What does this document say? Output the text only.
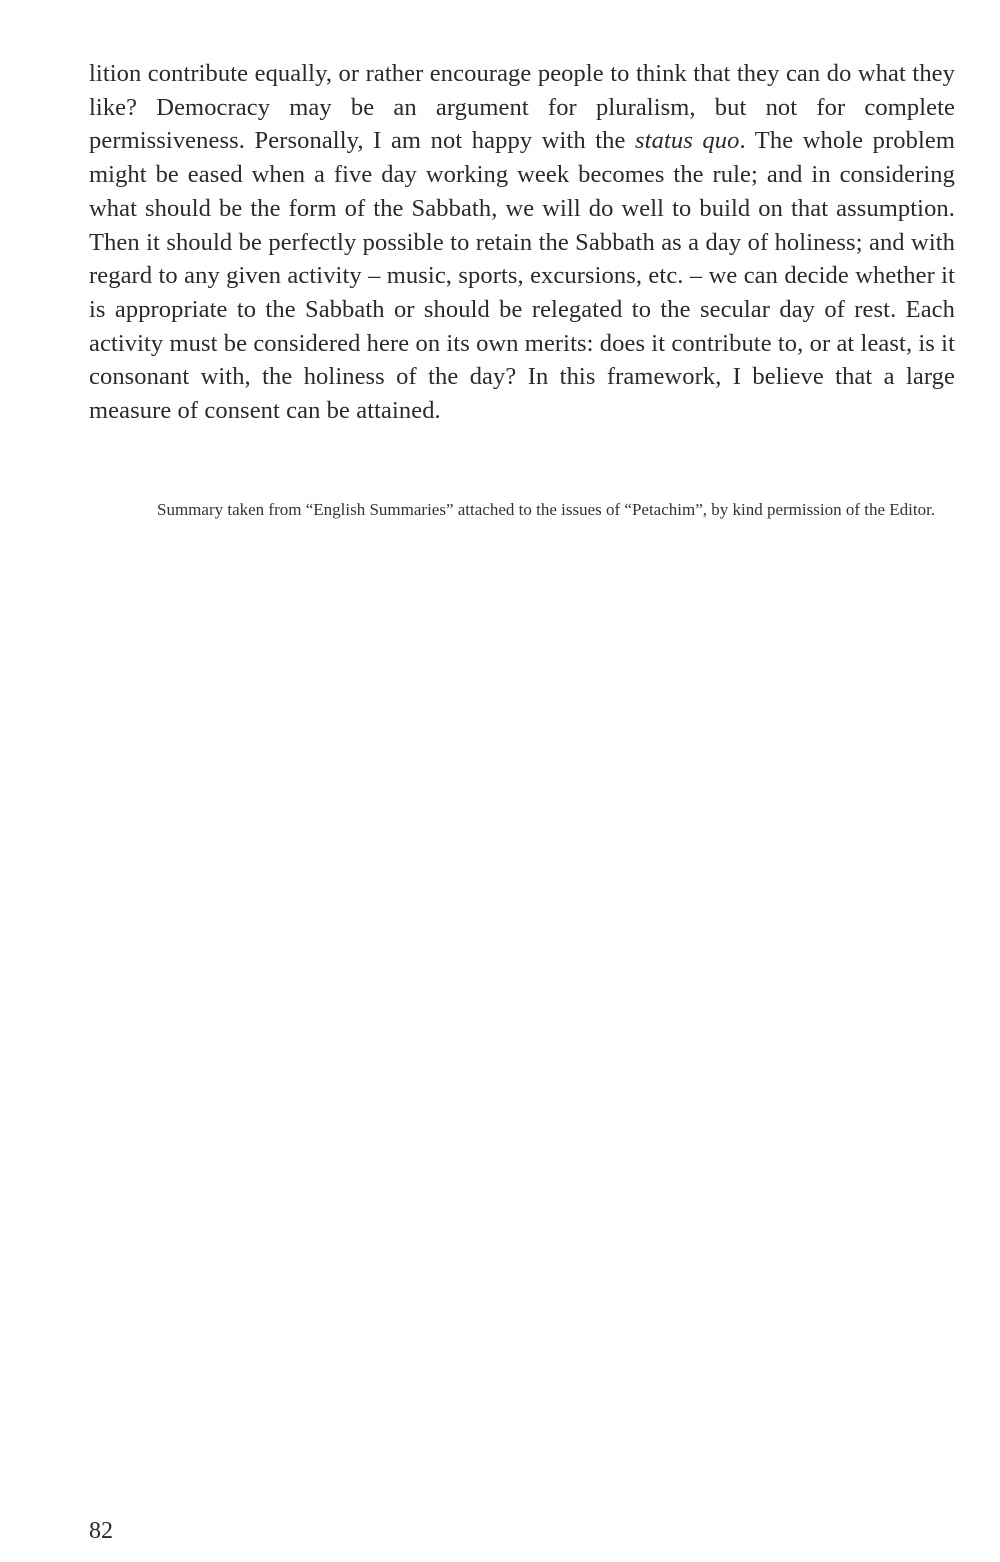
lition contribute equally, or rather encourage people to think that they can do what they like? Democracy may be an argument for pluralism, but not for complete permissiveness. Personally, I am not happy with the status quo. The whole problem might be eased when a five day working week becomes the rule; and in considering what should be the form of the Sabbath, we will do well to build on that assumption. Then it should be perfectly possible to retain the Sabbath as a day of holiness; and with regard to any given activity – music, sports, excursions, etc. – we can decide whether it is appropriate to the Sabbath or should be relegated to the secular day of rest. Each activity must be considered here on its own merits: does it contribute to, or at least, is it consonant with, the holiness of the day? In this framework, I believe that a large measure of consent can be attained.

Summary taken from “English Summaries” attached to the issues of “Petachim”, by kind permission of the Editor.

82
